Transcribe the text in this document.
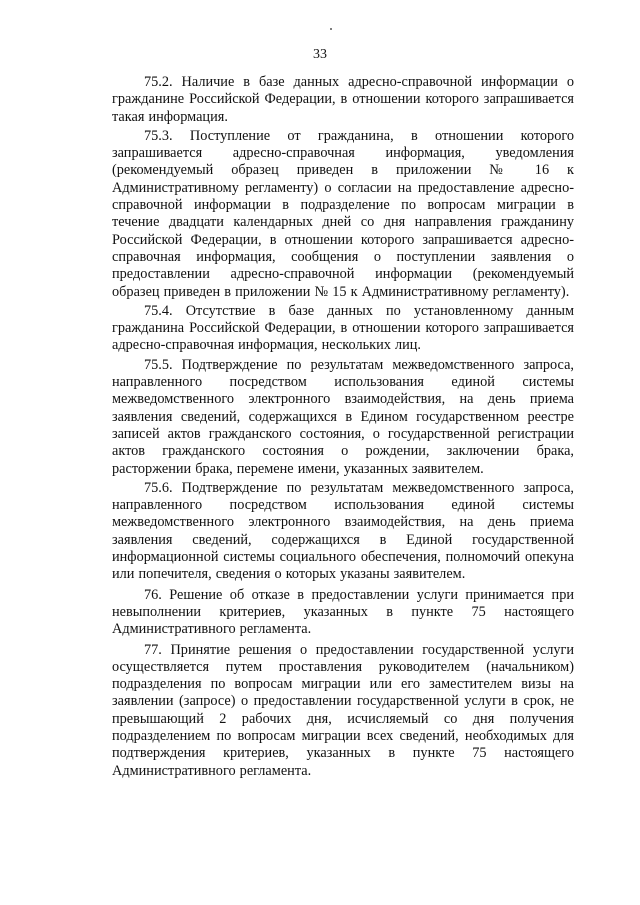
33

75.2. Наличие в базе данных адресно-справочной информации о гражданине Российской Федерации, в отношении которого запрашивается такая информация.

75.3. Поступление от гражданина, в отношении которого запрашивается адресно-справочная информация, уведомления (рекомендуемый образец приведен в приложении № 16 к Административному регламенту) о согласии на предоставление адресно-справочной информации в подразделение по вопросам миграции в течение двадцати календарных дней со дня направления гражданину Российской Федерации, в отношении которого запрашивается адресно-справочная информация, сообщения о поступлении заявления о предоставлении адресно-справочной информации (рекомендуемый образец приведен в приложении № 15 к Административному регламенту).

75.4. Отсутствие в базе данных по установленному данным гражданина Российской Федерации, в отношении которого запрашивается адресно-справочная информация, нескольких лиц.

75.5. Подтверждение по результатам межведомственного запроса, направленного посредством использования единой системы межведомственного электронного взаимодействия, на день приема заявления сведений, содержащихся в Едином государственном реестре записей актов гражданского состояния, о государственной регистрации актов гражданского состояния о рождении, заключении брака, расторжении брака, перемене имени, указанных заявителем.

75.6. Подтверждение по результатам межведомственного запроса, направленного посредством использования единой системы межведомственного электронного взаимодействия, на день приема заявления сведений, содержащихся в Единой государственной информационной системы социального обеспечения, полномочий опекуна или попечителя, сведения о которых указаны заявителем.

76. Решение об отказе в предоставлении услуги принимается при невыполнении критериев, указанных в пункте 75 настоящего Административного регламента.

77. Принятие решения о предоставлении государственной услуги осуществляется путем проставления руководителем (начальником) подразделения по вопросам миграции или его заместителем визы на заявлении (запросе) о предоставлении государственной услуги в срок, не превышающий 2 рабочих дня, исчисляемый со дня получения подразделением по вопросам миграции всех сведений, необходимых для подтверждения критериев, указанных в пункте 75 настоящего Административного регламента.
